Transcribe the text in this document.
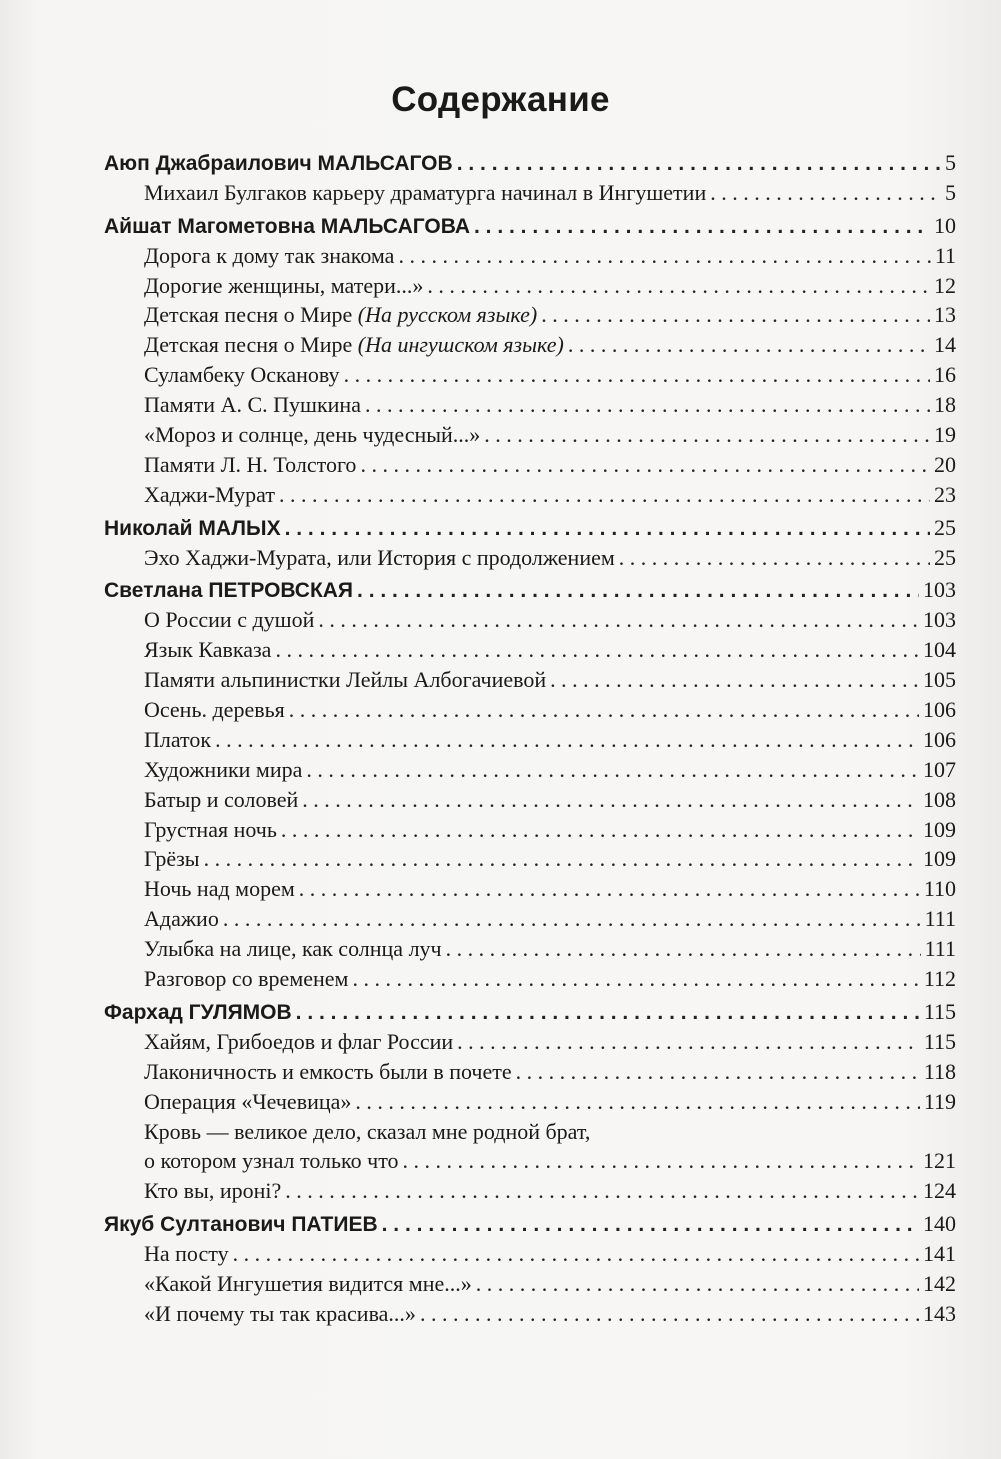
Содержание
Аюп Джабраилович МАЛЬСАГОВ . . .	5
Михаил Булгаков карьеру драматурга начинал в Ингушетии . . .	5
Айшат Магометовна МАЛЬСАГОВА . . .	10
Дорога к дому так знакома . . .	11
Дорогие женщины, матери...» . . .	12
Детская песня о Мире (На русском языке) . . .	13
Детская песня о Мире (На ингушском языке) . . .	14
Суламбеку Осканову . . .	16
Памяти А. С. Пушкина . . .	18
«Мороз и солнце, день чудесный...» . . .	19
Памяти Л. Н. Толстого . . .	20
Хаджи-Мурат . . .	23
Николай МАЛЫХ . . .	25
Эхо Хаджи-Мурата, или История с продолжением . . .	25
Светлана ПЕТРОВСКАЯ . . .	103
О России с душой . . .	103
Язык Кавказа . . .	104
Памяти альпинистки Лейлы Албогачиевой . . .	105
Осень. деревья . . .	106
Платок . . .	106
Художники мира . . .	107
Батыр и соловей . . .	108
Грустная ночь . . .	109
Грёзы . . .	109
Ночь над морем . . .	110
Адажио . . .	111
Улыбка на лице, как солнца луч . . .	111
Разговор со временем . . .	112
Фархад ГУЛЯМОВ . . .	115
Хайям, Грибоедов и флаг России . . .	115
Лаконичность и емкость были в почете . . .	118
Операция «Чечевица» . . .	119
Кровь — великое дело, сказал мне родной брат,
о котором узнал только что . . .	121
Кто вы, ироні? . . .	124
Якуб Султанович ПАТИЕВ . . .	140
На посту . . .	141
«Какой Ингушетия видится мне...» . . .	142
«И почему ты так красива...» . . .	143
